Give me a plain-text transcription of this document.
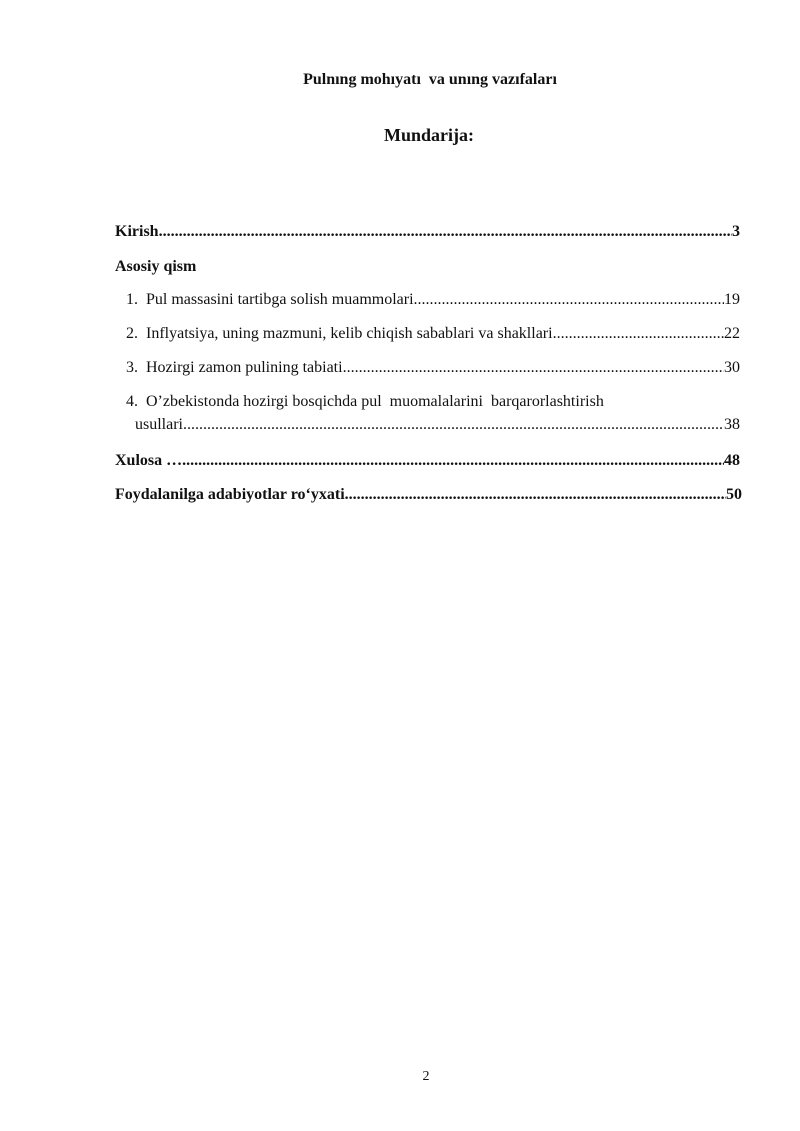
Pulnıng mohıyatı  va unıng vazıfaları
Mundarija:
Kirish .....	3
Asosiy qism
1.  Pul massasini tartibga solish muammolari .....	19
2.  Inflyatsiya, uning mazmuni, kelib chiqish sabablari va shakllari .....	22
3.  Hozirgi zamon pulining tabiati .....	30
4.  O’zbekistonda hozirgi bosqichda pul  muomalalarini  barqarorlashtirish
usullari .....	38
Xulosa … .....	48
Foydalanilga adabiyotlar ro‘yxati .....	50
2
